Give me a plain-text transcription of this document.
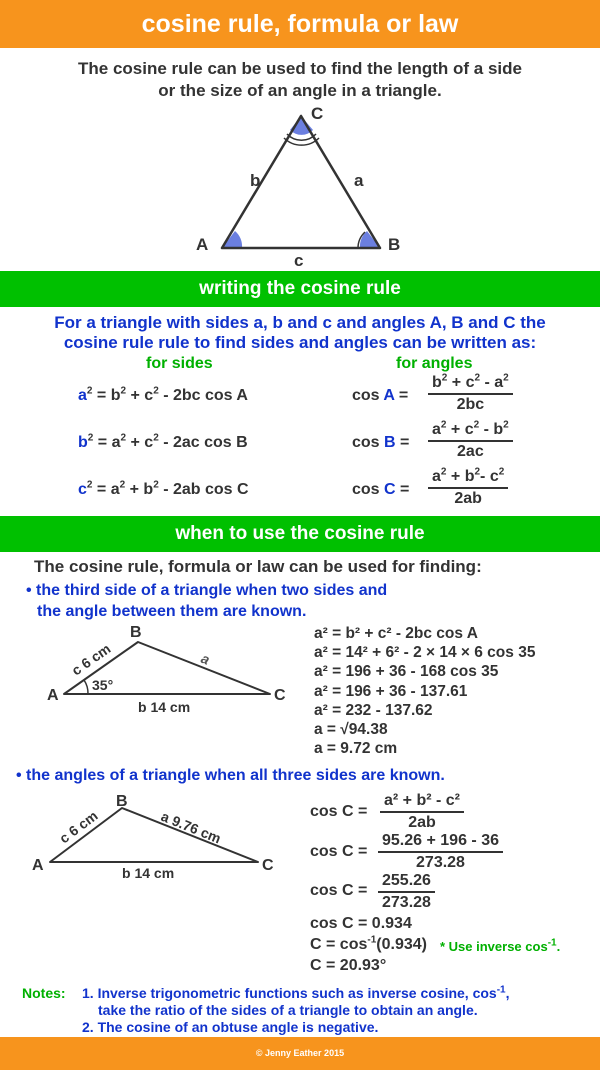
cosine rule, formula or law
The cosine rule can be used to find the length of a side
or the size of an angle in a triangle.
A	B
C
b	a
c
writing the cosine rule
For a triangle with sides a, b and c and angles A, B and C the
cosine rule rule to find sides and angles can be written as:
for sides	for angles
$a^2 = b^2 + c^2 - 2bc$ cos A	$\cos A = \frac{b^2 + c^2 - a^2}{2bc}$
$b^2 = a^2 + c^2 - 2ac$ cos B	$\cos B = \frac{a^2 + c^2 - b^2}{2ac}$
$c^2 = a^2 + b^2 - 2ab$ cos C	$\cos C = \frac{a^2 + b^2- c^2}{2ab}$
when to use the cosine rule
The cosine rule, formula or law can be used for finding:
• the third side of a triangle when two sides and
the angle between them are known.
A
B
C
35°
c 6 cm	a
b 14 cm
a² = b² + c² - 2bc cos A
a² = 14² + 6² - 2 × 14 × 6 cos 35
a² = 196 + 36 - 168 cos 35
a² = 196 + 36 - 137.61
a² = 232 - 137.62
a = √94.38
a = 9.72 cm
• the angles of a triangle when all three sides are known.
A
B
C
c 6 cm	a 9.76 cm
b 14 cm
$\cos C = \frac{\text{a² + b² - c²}}{2ab}$
$\cos C = \frac{95.26 + 196 - 36}{273.28}$
$\cos C = \frac{255.26}{273.28}$
cos C = 0.934
$C = \cos^{-1}(0.934)$ * Use inverse $\cos^{-1}$.
C = 20.93°
Notes: 1. Inverse trigonometric functions such as inverse cosine, $\cos^{-1}$,
take the ratio of the sides of a triangle to obtain an angle.
2. The cosine of an obtuse angle is negative.
© Jenny Eather 2015
